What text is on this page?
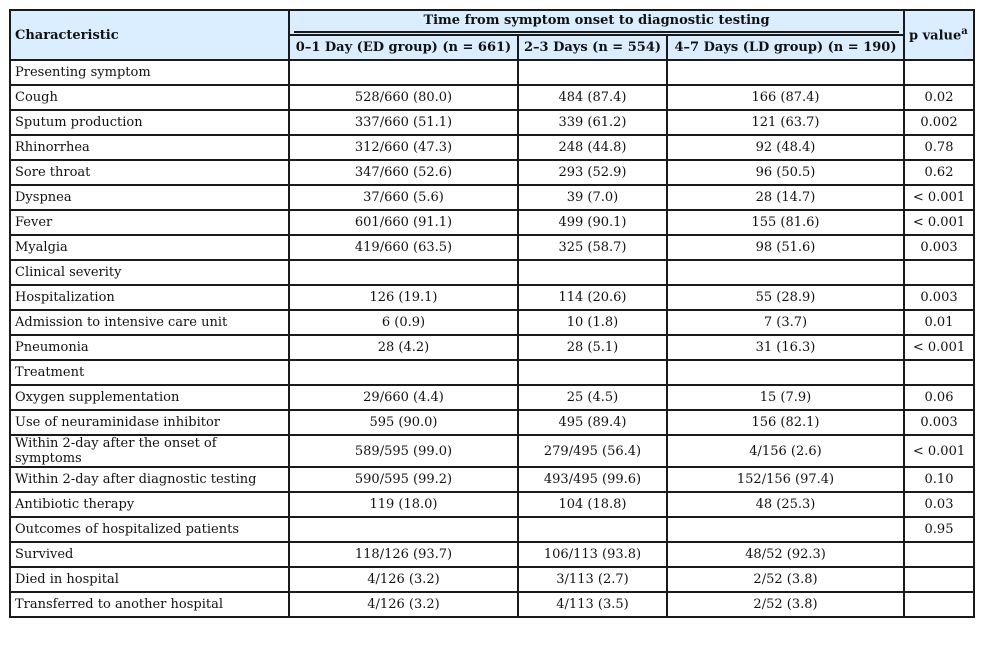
Characteristic	Time from symptom onset to diagnostic testing			p value$^a$
	0–1 Day (ED group) (n = 661)	2–3 Days (n = 554)	4–7 Days (LD group) (n = 190)	
Presenting symptom				
Cough	528/660 (80.0)	484 (87.4)	166 (87.4)	0.02
Sputum production	337/660 (51.1)	339 (61.2)	121 (63.7)	0.002
Rhinorrhea	312/660 (47.3)	248 (44.8)	92 (48.4)	0.78
Sore throat	347/660 (52.6)	293 (52.9)	96 (50.5)	0.62
Dyspnea	37/660 (5.6)	39 (7.0)	28 (14.7)	< 0.001
Fever	601/660 (91.1)	499 (90.1)	155 (81.6)	< 0.001
Myalgia	419/660 (63.5)	325 (58.7)	98 (51.6)	0.003
Clinical severity				
Hospitalization	126 (19.1)	114 (20.6)	55 (28.9)	0.003
Admission to intensive care unit	6 (0.9)	10 (1.8)	7 (3.7)	0.01
Pneumonia	28 (4.2)	28 (5.1)	31 (16.3)	< 0.001
Treatment				
Oxygen supplementation	29/660 (4.4)	25 (4.5)	15 (7.9)	0.06
Use of neuraminidase inhibitor	595 (90.0)	495 (89.4)	156 (82.1)	0.003
Within 2-day after the onset of symptoms	589/595 (99.0)	279/495 (56.4)	4/156 (2.6)	< 0.001
Within 2-day after diagnostic testing	590/595 (99.2)	493/495 (99.6)	152/156 (97.4)	0.10
Antibiotic therapy	119 (18.0)	104 (18.8)	48 (25.3)	0.03
Outcomes of hospitalized patients				0.95
Survived	118/126 (93.7)	106/113 (93.8)	48/52 (92.3)	
Died in hospital	4/126 (3.2)	3/113 (2.7)	2/52 (3.8)	
Transferred to another hospital	4/126 (3.2)	4/113 (3.5)	2/52 (3.8)	
